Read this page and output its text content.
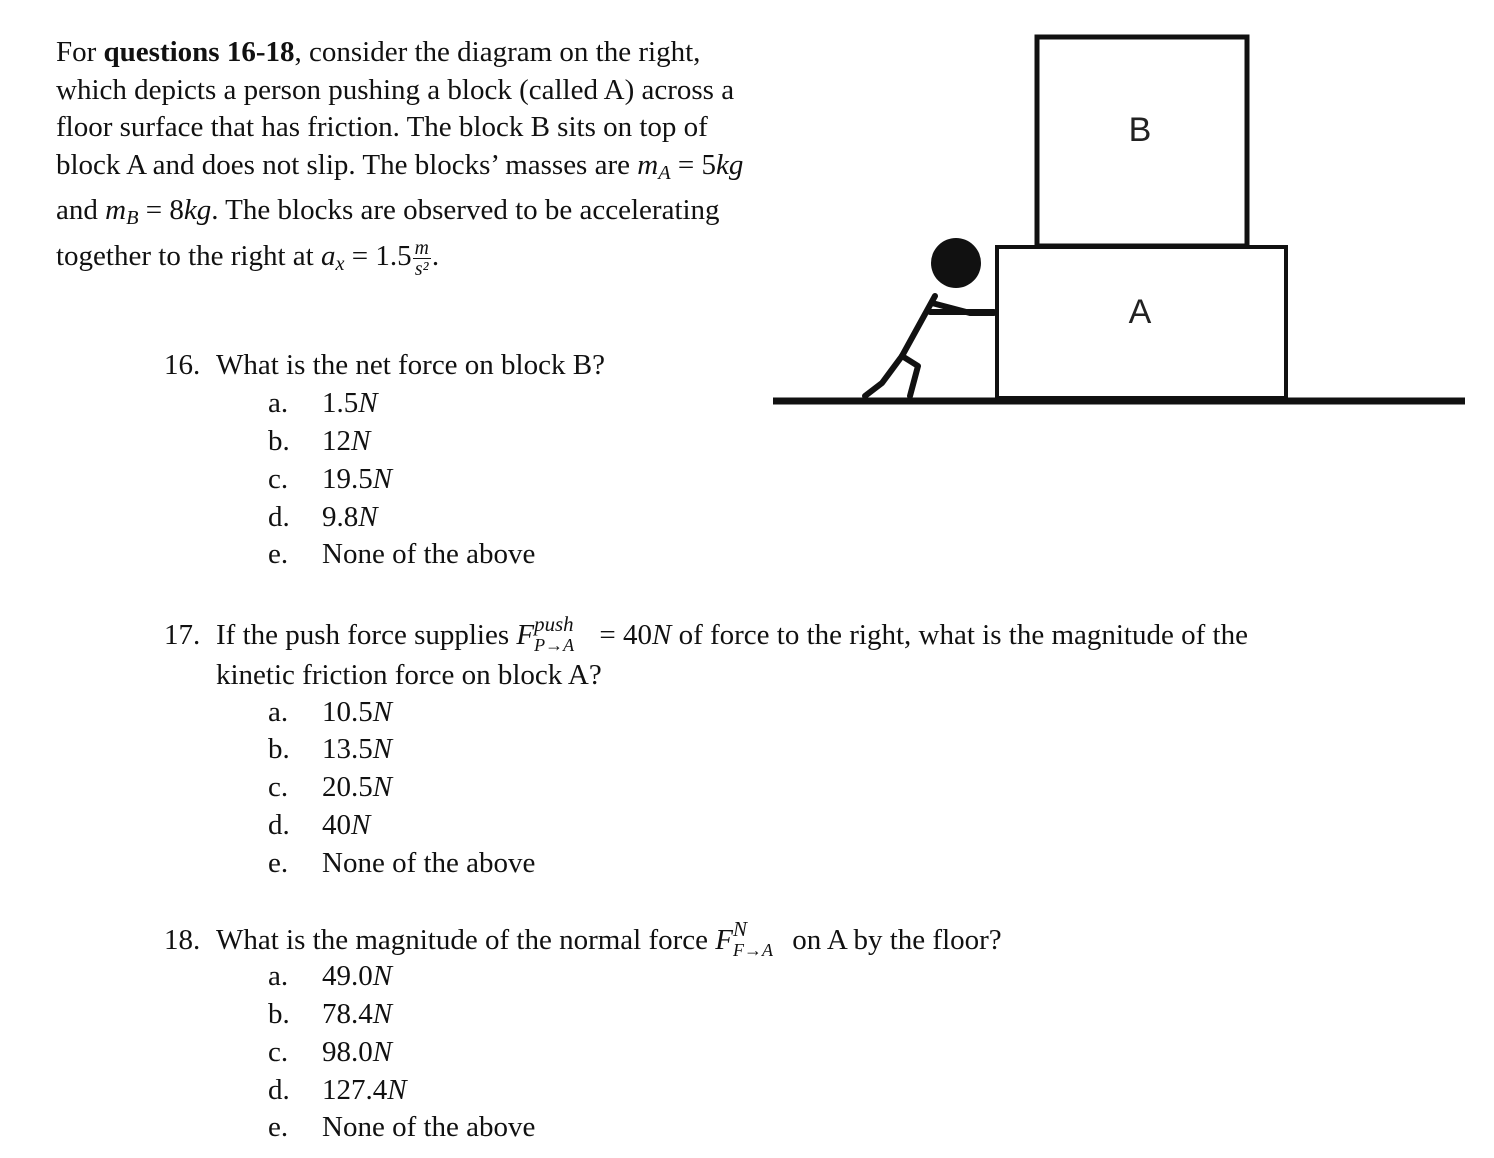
For questions 16-18, consider the diagram on the right, which depicts a person pushing a block (called A) across a floor surface that has friction. The block B sits on top of block A and does not slip. The blocks’ masses are $m_A = 5kg$ and $m_B = 8kg$. The blocks are observed to be accelerating together to the right at $a_x = 1.5 \frac{m}{\text{s²}}$ .
A
B
16. What is the net force on block B?
a. 1.5N
b. 12N
c. 19.5N
d. 9.8N
e. None of the above
17. If the push force supplies F push
P→A = 40N of force to the right, what is the magnitude of the
kinetic friction force on block A?
a. 10.5N
b. 13.5N
c. 20.5N
d. 40N
e. None of the above
18. What is the magnitude of the normal force F N
F→A on A by the floor?
a. 49.0N
b. 78.4N
c. 98.0N
d. 127.4N
e. None of the above
